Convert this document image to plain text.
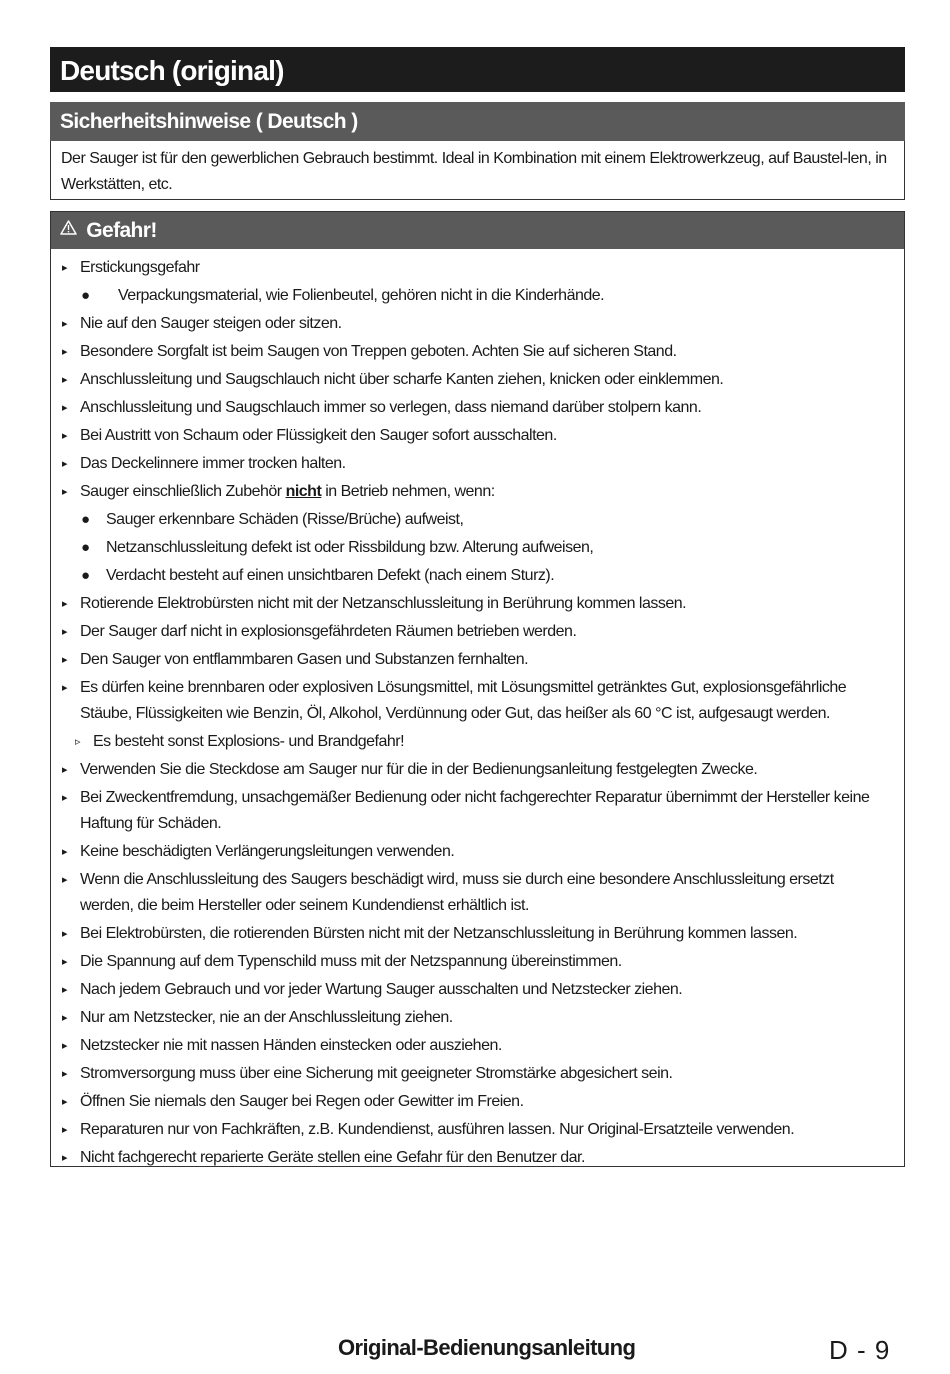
Deutsch (original)
Sicherheitshinweise ( Deutsch )
Der Sauger ist für den gewerblichen Gebrauch bestimmt. Ideal in Kombination mit einem Elektrowerkzeug, auf Baustel-len, in Werkstätten, etc.
Gefahr!
▸ Erstickungsgefahr
● Verpackungsmaterial, wie Folienbeutel, gehören nicht in die Kinderhände.
▸ Nie auf den Sauger steigen oder sitzen.
▸ Besondere Sorgfalt ist beim Saugen von Treppen geboten. Achten Sie auf sicheren Stand.
▸ Anschlussleitung und Saugschlauch nicht über scharfe Kanten ziehen, knicken oder einklemmen.
▸ Anschlussleitung und Saugschlauch immer so verlegen, dass niemand darüber stolpern kann.
▸ Bei Austritt von Schaum oder Flüssigkeit den Sauger sofort ausschalten.
▸ Das Deckelinnere immer trocken halten.
▸ Sauger einschließlich Zubehör nicht in Betrieb nehmen, wenn:
● Sauger erkennbare Schäden (Risse/Brüche) aufweist,
● Netzanschlussleitung defekt ist oder Rissbildung bzw. Alterung aufweisen,
● Verdacht besteht auf einen unsichtbaren Defekt (nach einem Sturz).
▸ Rotierende Elektrobürsten nicht mit der Netzanschlussleitung in Berührung kommen lassen.
▸ Der Sauger darf nicht in explosionsgefährdeten Räumen betrieben werden.
▸ Den Sauger von entflammbaren Gasen und Substanzen fernhalten.
▸ Es dürfen keine brennbaren oder explosiven Lösungsmittel, mit Lösungsmittel getränktes Gut, explosionsgefährliche Stäube, Flüssigkeiten wie Benzin, Öl, Alkohol, Verdünnung oder Gut, das heißer als 60 °C ist, aufgesaugt werden.
▹ Es besteht sonst Explosions- und Brandgefahr!
▸ Verwenden Sie die Steckdose am Sauger nur für die in der Bedienungsanleitung festgelegten Zwecke.
▸ Bei Zweckentfremdung, unsachgemäßer Bedienung oder nicht fachgerechter Reparatur übernimmt der Hersteller keine Haftung für Schäden.
▸ Keine beschädigten Verlängerungsleitungen verwenden.
▸ Wenn die Anschlussleitung des Saugers beschädigt wird, muss sie durch eine besondere Anschlussleitung ersetzt werden, die beim Hersteller oder seinem Kundendienst erhältlich ist.
▸ Bei Elektrobürsten, die rotierenden Bürsten nicht mit der Netzanschlussleitung in Berührung kommen lassen.
▸ Die Spannung auf dem Typenschild muss mit der Netzspannung übereinstimmen.
▸ Nach jedem Gebrauch und vor jeder Wartung Sauger ausschalten und Netzstecker ziehen.
▸ Nur am Netzstecker, nie an der Anschlussleitung ziehen.
▸ Netzstecker nie mit nassen Händen einstecken oder ausziehen.
▸ Stromversorgung muss über eine Sicherung mit geeigneter Stromstärke abgesichert sein.
▸ Öffnen Sie niemals den Sauger bei Regen oder Gewitter im Freien.
▸ Reparaturen nur von Fachkräften, z.B. Kundendienst, ausführen lassen. Nur Original-Ersatzteile verwenden.
▸ Nicht fachgerecht reparierte Geräte stellen eine Gefahr für den Benutzer dar.
Original-Bedienungsanleitung	D - 9
